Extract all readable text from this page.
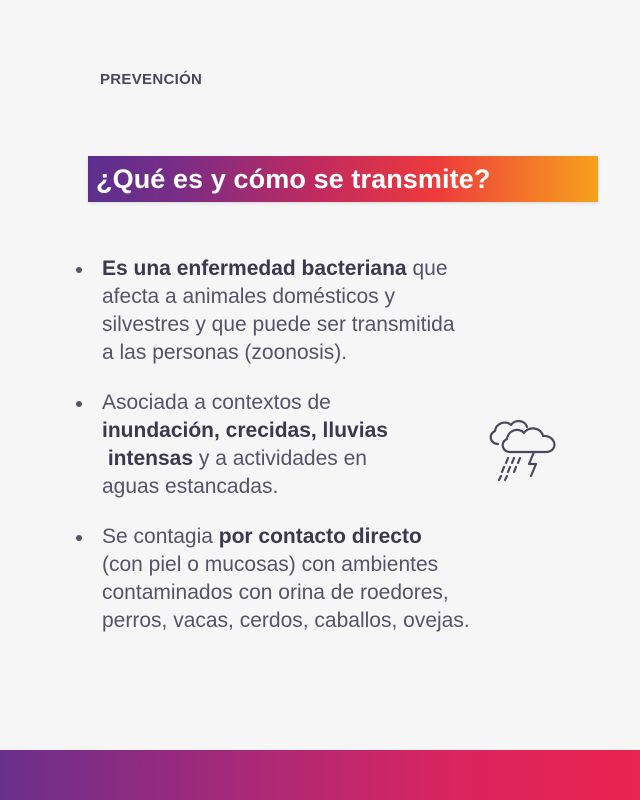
PREVENCIÓN
¿Qué es y cómo se transmite?
Es una enfermedad bacteriana que
afecta a animales domésticos y
silvestres y que puede ser transmitida
a las personas (zoonosis).
Asociada a contextos de
inundación, crecidas, lluvias
intensas y a actividades en
aguas estancadas.
Se contagia por contacto directo
(con piel o mucosas) con ambientes
contaminados con orina de roedores,
perros, vacas, cerdos, caballos, ovejas.
